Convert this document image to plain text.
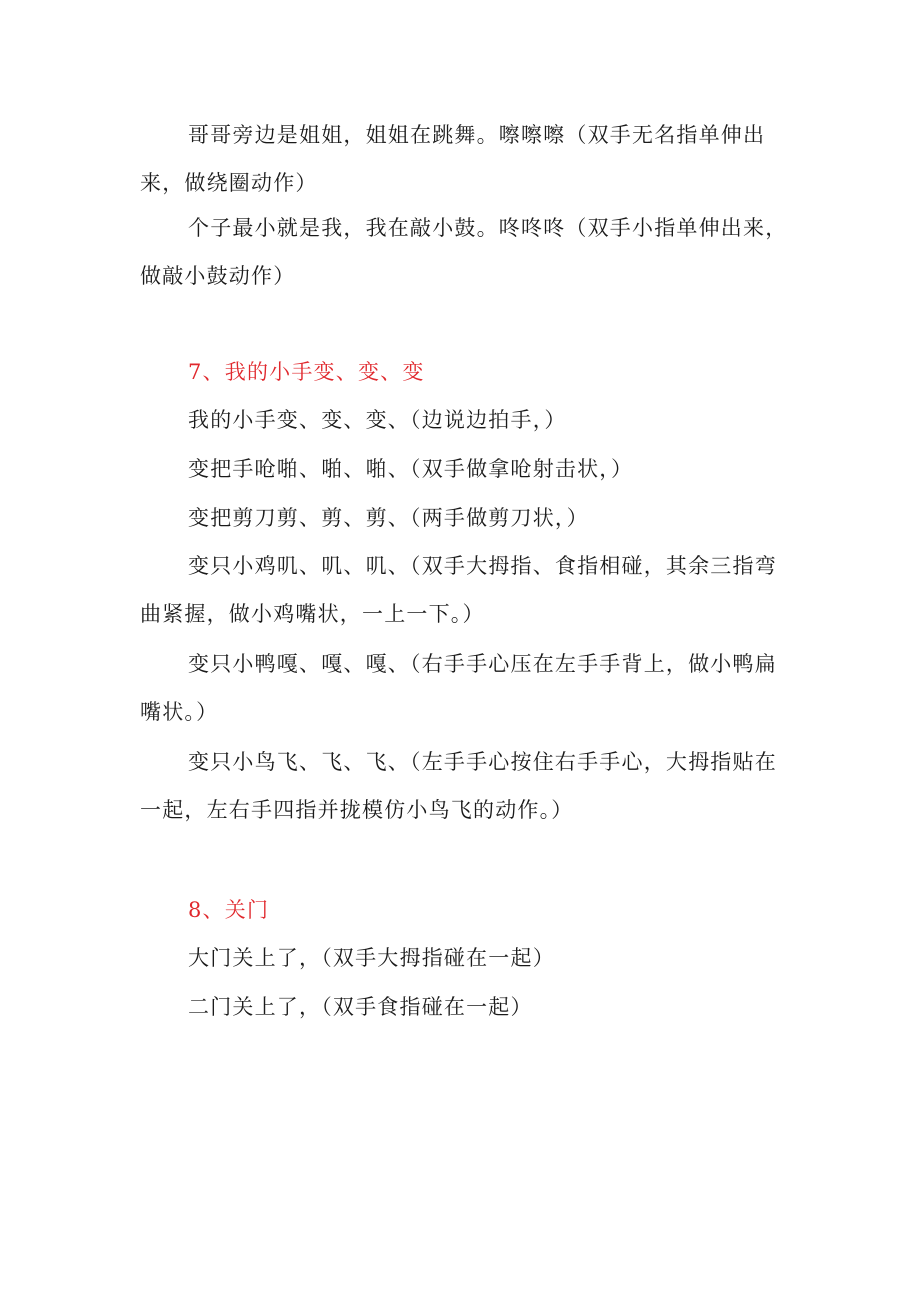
哥哥旁边是姐姐，姐姐在跳舞。嚓嚓嚓（双手无名指单伸出来，做绕圈动作）

个子最小就是我，我在敲小鼓。咚咚咚（双手小指单伸出来，做敲小鼓动作）

7、我的小手变、变、变

我的小手变、变、变、（边说边拍手，）

变把手呛啪、啪、啪、（双手做拿呛射击状，）

变把剪刀剪、剪、剪、（两手做剪刀状，）

变只小鸡叽、叽、叽、（双手大拇指、食指相碰，其余三指弯曲紧握，做小鸡嘴状，一上一下。）

变只小鸭嘎、嘎、嘎、（右手手心压在左手手背上，做小鸭扁嘴状。）

变只小鸟飞、飞、飞、（左手手心按住右手手心，大拇指贴在一起，左右手四指并拢模仿小鸟飞的动作。）

8、关门

大门关上了，（双手大拇指碰在一起）

二门关上了，（双手食指碰在一起）
